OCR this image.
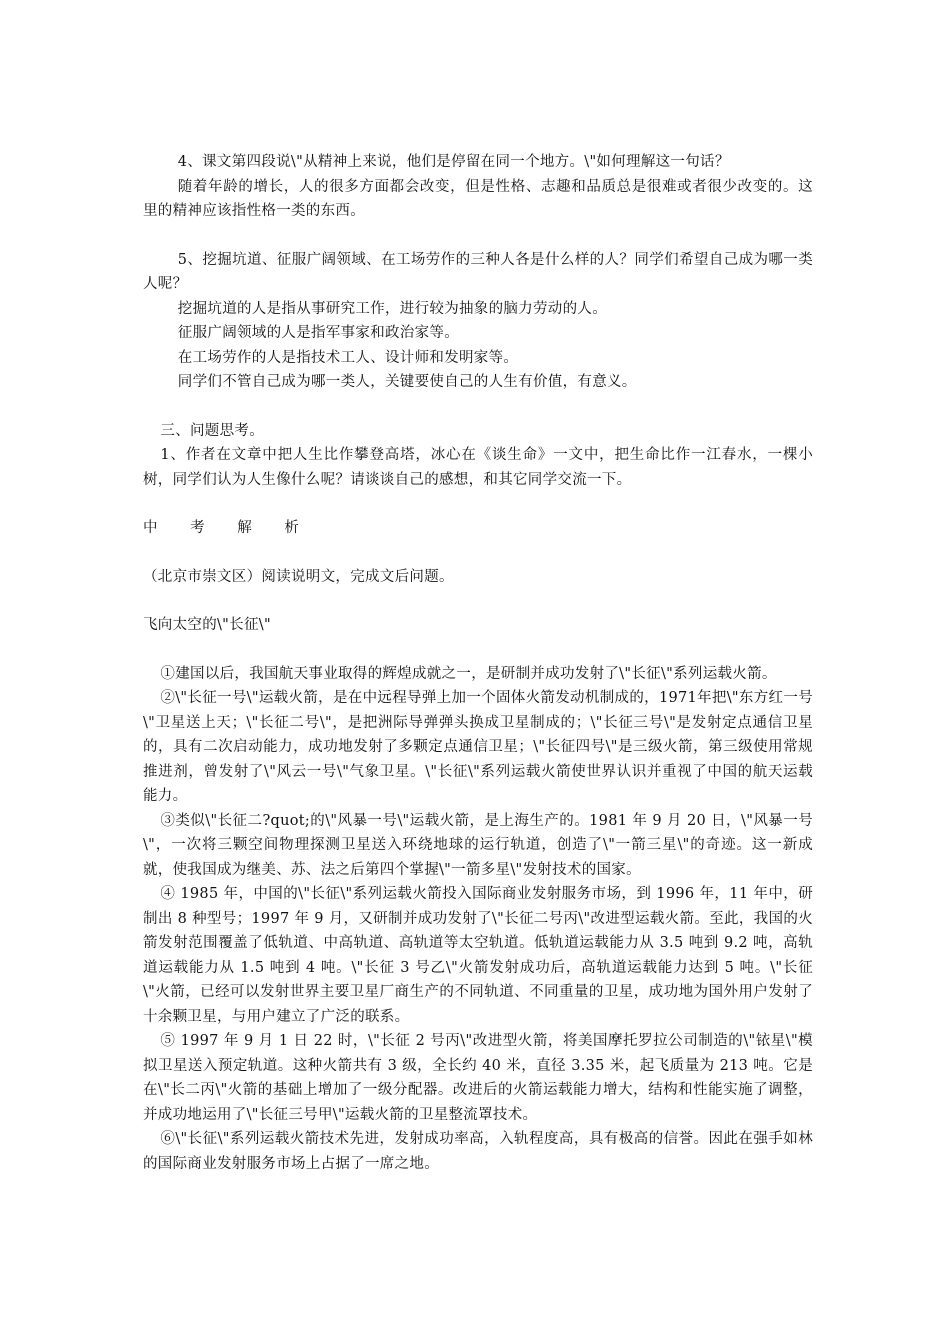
4、课文第四段说\"从精神上来说，他们是停留在同一个地方。\"如何理解这一句话？

随着年龄的增长，人的很多方面都会改变，但是性格、志趣和品质总是很难或者很少改变的。这里的精神应该指性格一类的东西。

5、挖掘坑道、征服广阔领域、在工场劳作的三种人各是什么样的人？同学们希望自己成为哪一类人呢？

挖掘坑道的人是指从事研究工作，进行较为抽象的脑力劳动的人。

征服广阔领域的人是指军事家和政治家等。

在工场劳作的人是指技术工人、设计师和发明家等。

同学们不管自己成为哪一类人，关键要使自己的人生有价值，有意义。

三、问题思考。

1、作者在文章中把人生比作攀登高塔，冰心在《谈生命》一文中，把生命比作一江春水，一棵小树，同学们认为人生像什么呢？请谈谈自己的感想，和其它同学交流一下。

中 考 解 析

（北京市崇文区）阅读说明文，完成文后问题。

飞向太空的\"长征\"

①建国以后，我国航天事业取得的辉煌成就之一，是研制并成功发射了\"长征\"系列运载火箭。

②\"长征一号\"运载火箭，是在中远程导弹上加一个固体火箭发动机制成的，1971年把\"东方红一号\"卫星送上天；\"长征二号\"，是把洲际导弹弹头换成卫星制成的；\"长征三号\"是发射定点通信卫星的，具有二次启动能力，成功地发射了多颗定点通信卫星；\"长征四号\"是三级火箭，第三级使用常规推进剂，曾发射了\"风云一号\"气象卫星。\"长征\"系列运载火箭使世界认识并重视了中国的航天运载能力。

③类似\"长征二?quot;的\"风暴一号\"运载火箭，是上海生产的。1981 年 9 月 20 日，\"风暴一号\"，一次将三颗空间物理探测卫星送入环绕地球的运行轨道，创造了\"一箭三星\"的奇迹。这一新成就，使我国成为继美、苏、法之后第四个掌握\"一箭多星\"发射技术的国家。

④ 1985 年，中国的\"长征\"系列运载火箭投入国际商业发射服务市场，到 1996 年，11 年中，研制出 8 种型号；1997 年 9 月，又研制并成功发射了\"长征二号丙\"改进型运载火箭。至此，我国的火箭发射范围覆盖了低轨道、中高轨道、高轨道等太空轨道。低轨道运载能力从 3.5 吨到 9.2 吨，高轨道运载能力从 1.5 吨到 4 吨。\"长征 3 号乙\"火箭发射成功后，高轨道运载能力达到 5 吨。\"长征\"火箭，已经可以发射世界主要卫星厂商生产的不同轨道、不同重量的卫星，成功地为国外用户发射了十余颗卫星，与用户建立了广泛的联系。

⑤ 1997 年 9 月 1 日 22 时，\"长征 2 号丙\"改进型火箭，将美国摩托罗拉公司制造的\"铱星\"模拟卫星送入预定轨道。这种火箭共有 3 级，全长约 40 米，直径 3.35 米，起飞质量为 213 吨。它是在\"长二丙\"火箭的基础上增加了一级分配器。改进后的火箭运载能力增大，结构和性能实施了调整，并成功地运用了\"长征三号甲\"运载火箭的卫星整流罩技术。

⑥\"长征\"系列运载火箭技术先进，发射成功率高，入轨程度高，具有极高的信誉。因此在强手如林的国际商业发射服务市场上占据了一席之地。
